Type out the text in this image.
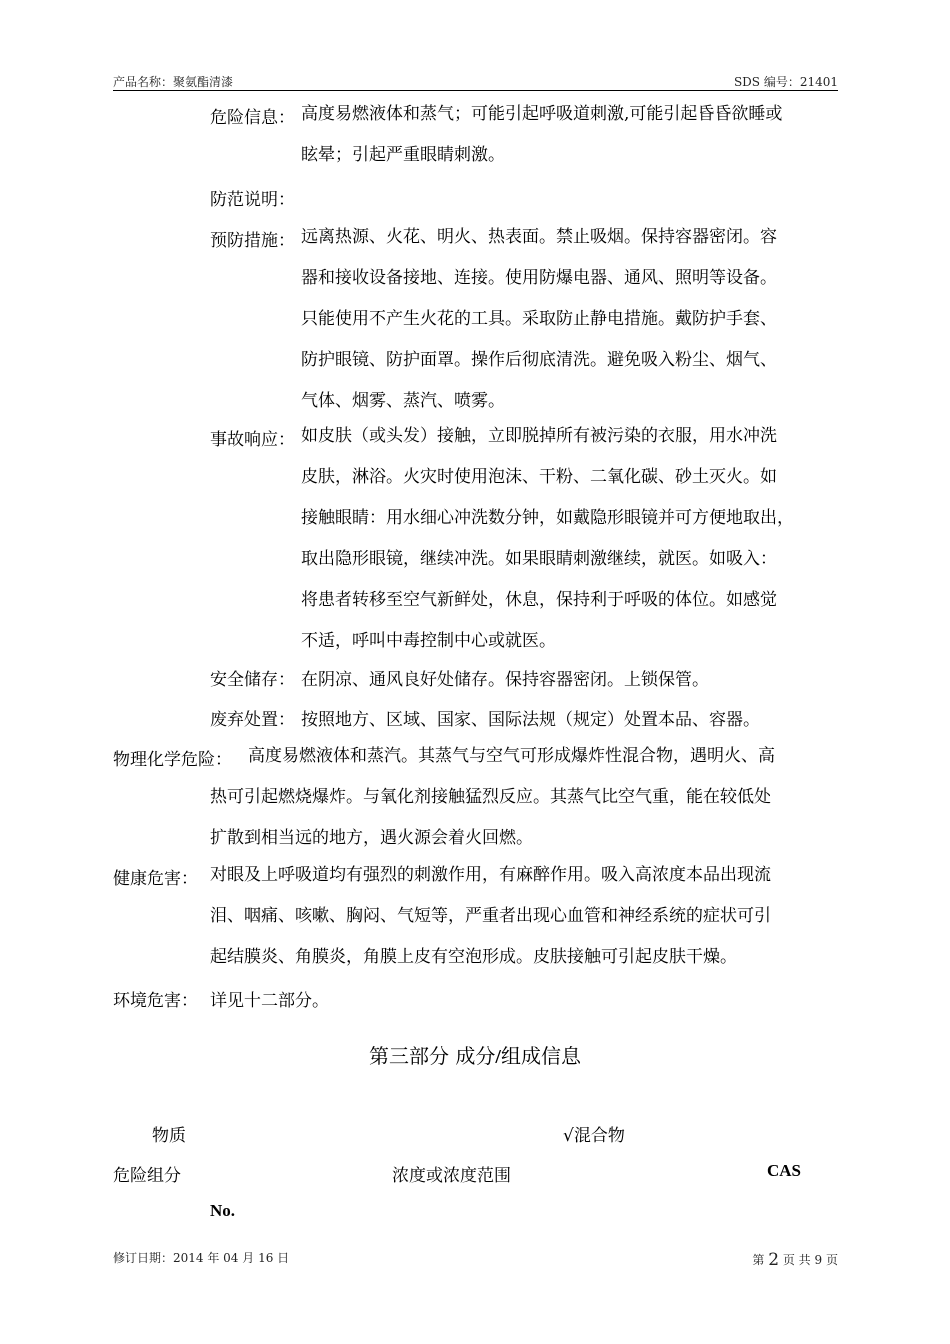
产品名称：聚氨酯清漆	SDS 编号：21401
危险信息： 高度易燃液体和蒸气；可能引起呼吸道刺激,可能引起昏昏欲睡或
眩晕；引起严重眼睛刺激。
防范说明：
预防措施： 远离热源、火花、明火、热表面。禁止吸烟。保持容器密闭。容
器和接收设备接地、连接。使用防爆电器、通风、照明等设备。
只能使用不产生火花的工具。采取防止静电措施。戴防护手套、
防护眼镜、防护面罩。操作后彻底清洗。避免吸入粉尘、烟气、
气体、烟雾、蒸汽、喷雾。
事故响应： 如皮肤（或头发）接触，立即脱掉所有被污染的衣服，用水冲洗
皮肤，淋浴。火灾时使用泡沫、干粉、二氧化碳、砂土灭火。如
接触眼睛：用水细心冲洗数分钟，如戴隐形眼镜并可方便地取出，
取出隐形眼镜，继续冲洗。如果眼睛刺激继续，就医。如吸入：
将患者转移至空气新鲜处，休息，保持利于呼吸的体位。如感觉
不适，呼叫中毒控制中心或就医。
安全储存： 在阴凉、通风良好处储存。保持容器密闭。上锁保管。
废弃处置： 按照地方、区域、国家、国际法规（规定）处置本品、容器。
物理化学危险： 高度易燃液体和蒸汽。其蒸气与空气可形成爆炸性混合物，遇明火、高
热可引起燃烧爆炸。与氧化剂接触猛烈反应。其蒸气比空气重，能在较低处
扩散到相当远的地方，遇火源会着火回燃。
健康危害： 对眼及上呼吸道均有强烈的刺激作用，有麻醉作用。吸入高浓度本品出现流
泪、咽痛、咳嗽、胸闷、气短等，严重者出现心血管和神经系统的症状可引
起结膜炎、角膜炎，角膜上皮有空泡形成。皮肤接触可引起皮肤干燥。
环境危害： 详见十二部分。
第三部分 成分/组成信息
物质	√混合物
危险组分	浓度或浓度范围	CAS
No.
修订日期：2014 年 04 月 16 日	第 2 页 共 9 页
